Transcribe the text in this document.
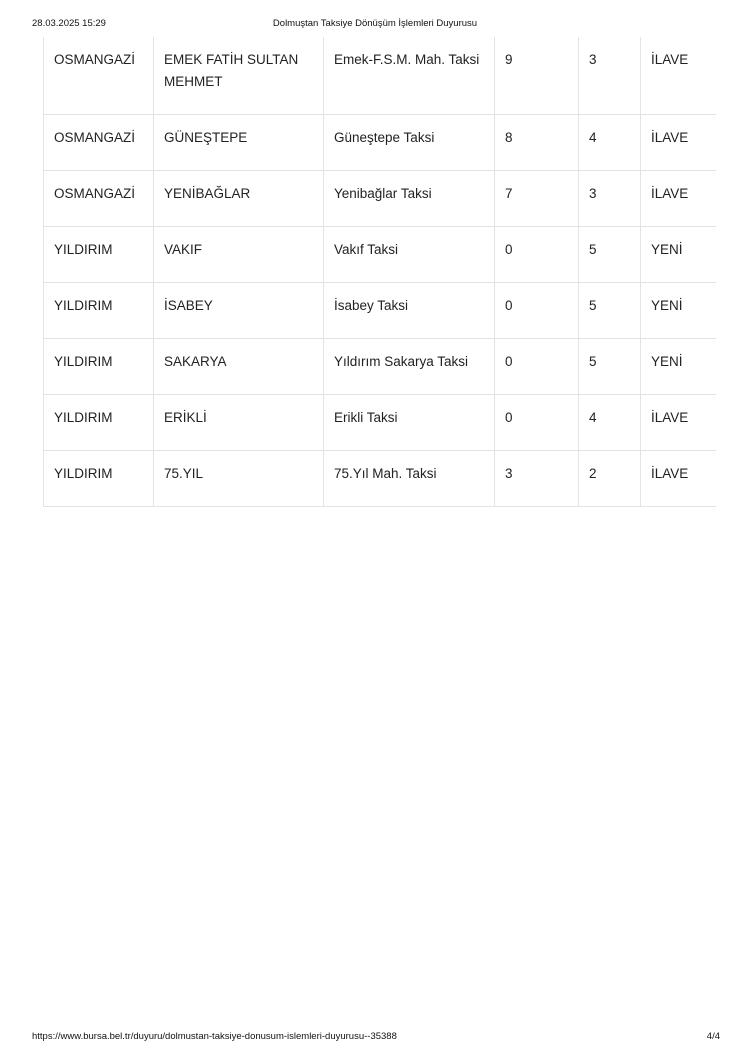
28.03.2025 15:29	Dolmuştan Taksiye Dönüşüm İşlemleri Duyurusu
OSMANGAZİ	EMEK FATİH SULTAN MEHMET	Emek-F.S.M. Mah. Taksi	9	3	İLAVE
OSMANGAZİ	GÜNEŞTEPE	Güneştepe Taksi	8	4	İLAVE
OSMANGAZİ	YENİBAĞLAR	Yenibağlar Taksi	7	3	İLAVE
YILDIRIM	VAKIF	Vakıf Taksi	0	5	YENİ
YILDIRIM	İSABEY	İsabey Taksi	0	5	YENİ
YILDIRIM	SAKARYA	Yıldırım Sakarya Taksi	0	5	YENİ
YILDIRIM	ERİKLİ	Erikli Taksi	0	4	İLAVE
YILDIRIM	75.YIL	75.Yıl Mah. Taksi	3	2	İLAVE
https://www.bursa.bel.tr/duyuru/dolmustan-taksiye-donusum-islemleri-duyurusu--35388	4/4
